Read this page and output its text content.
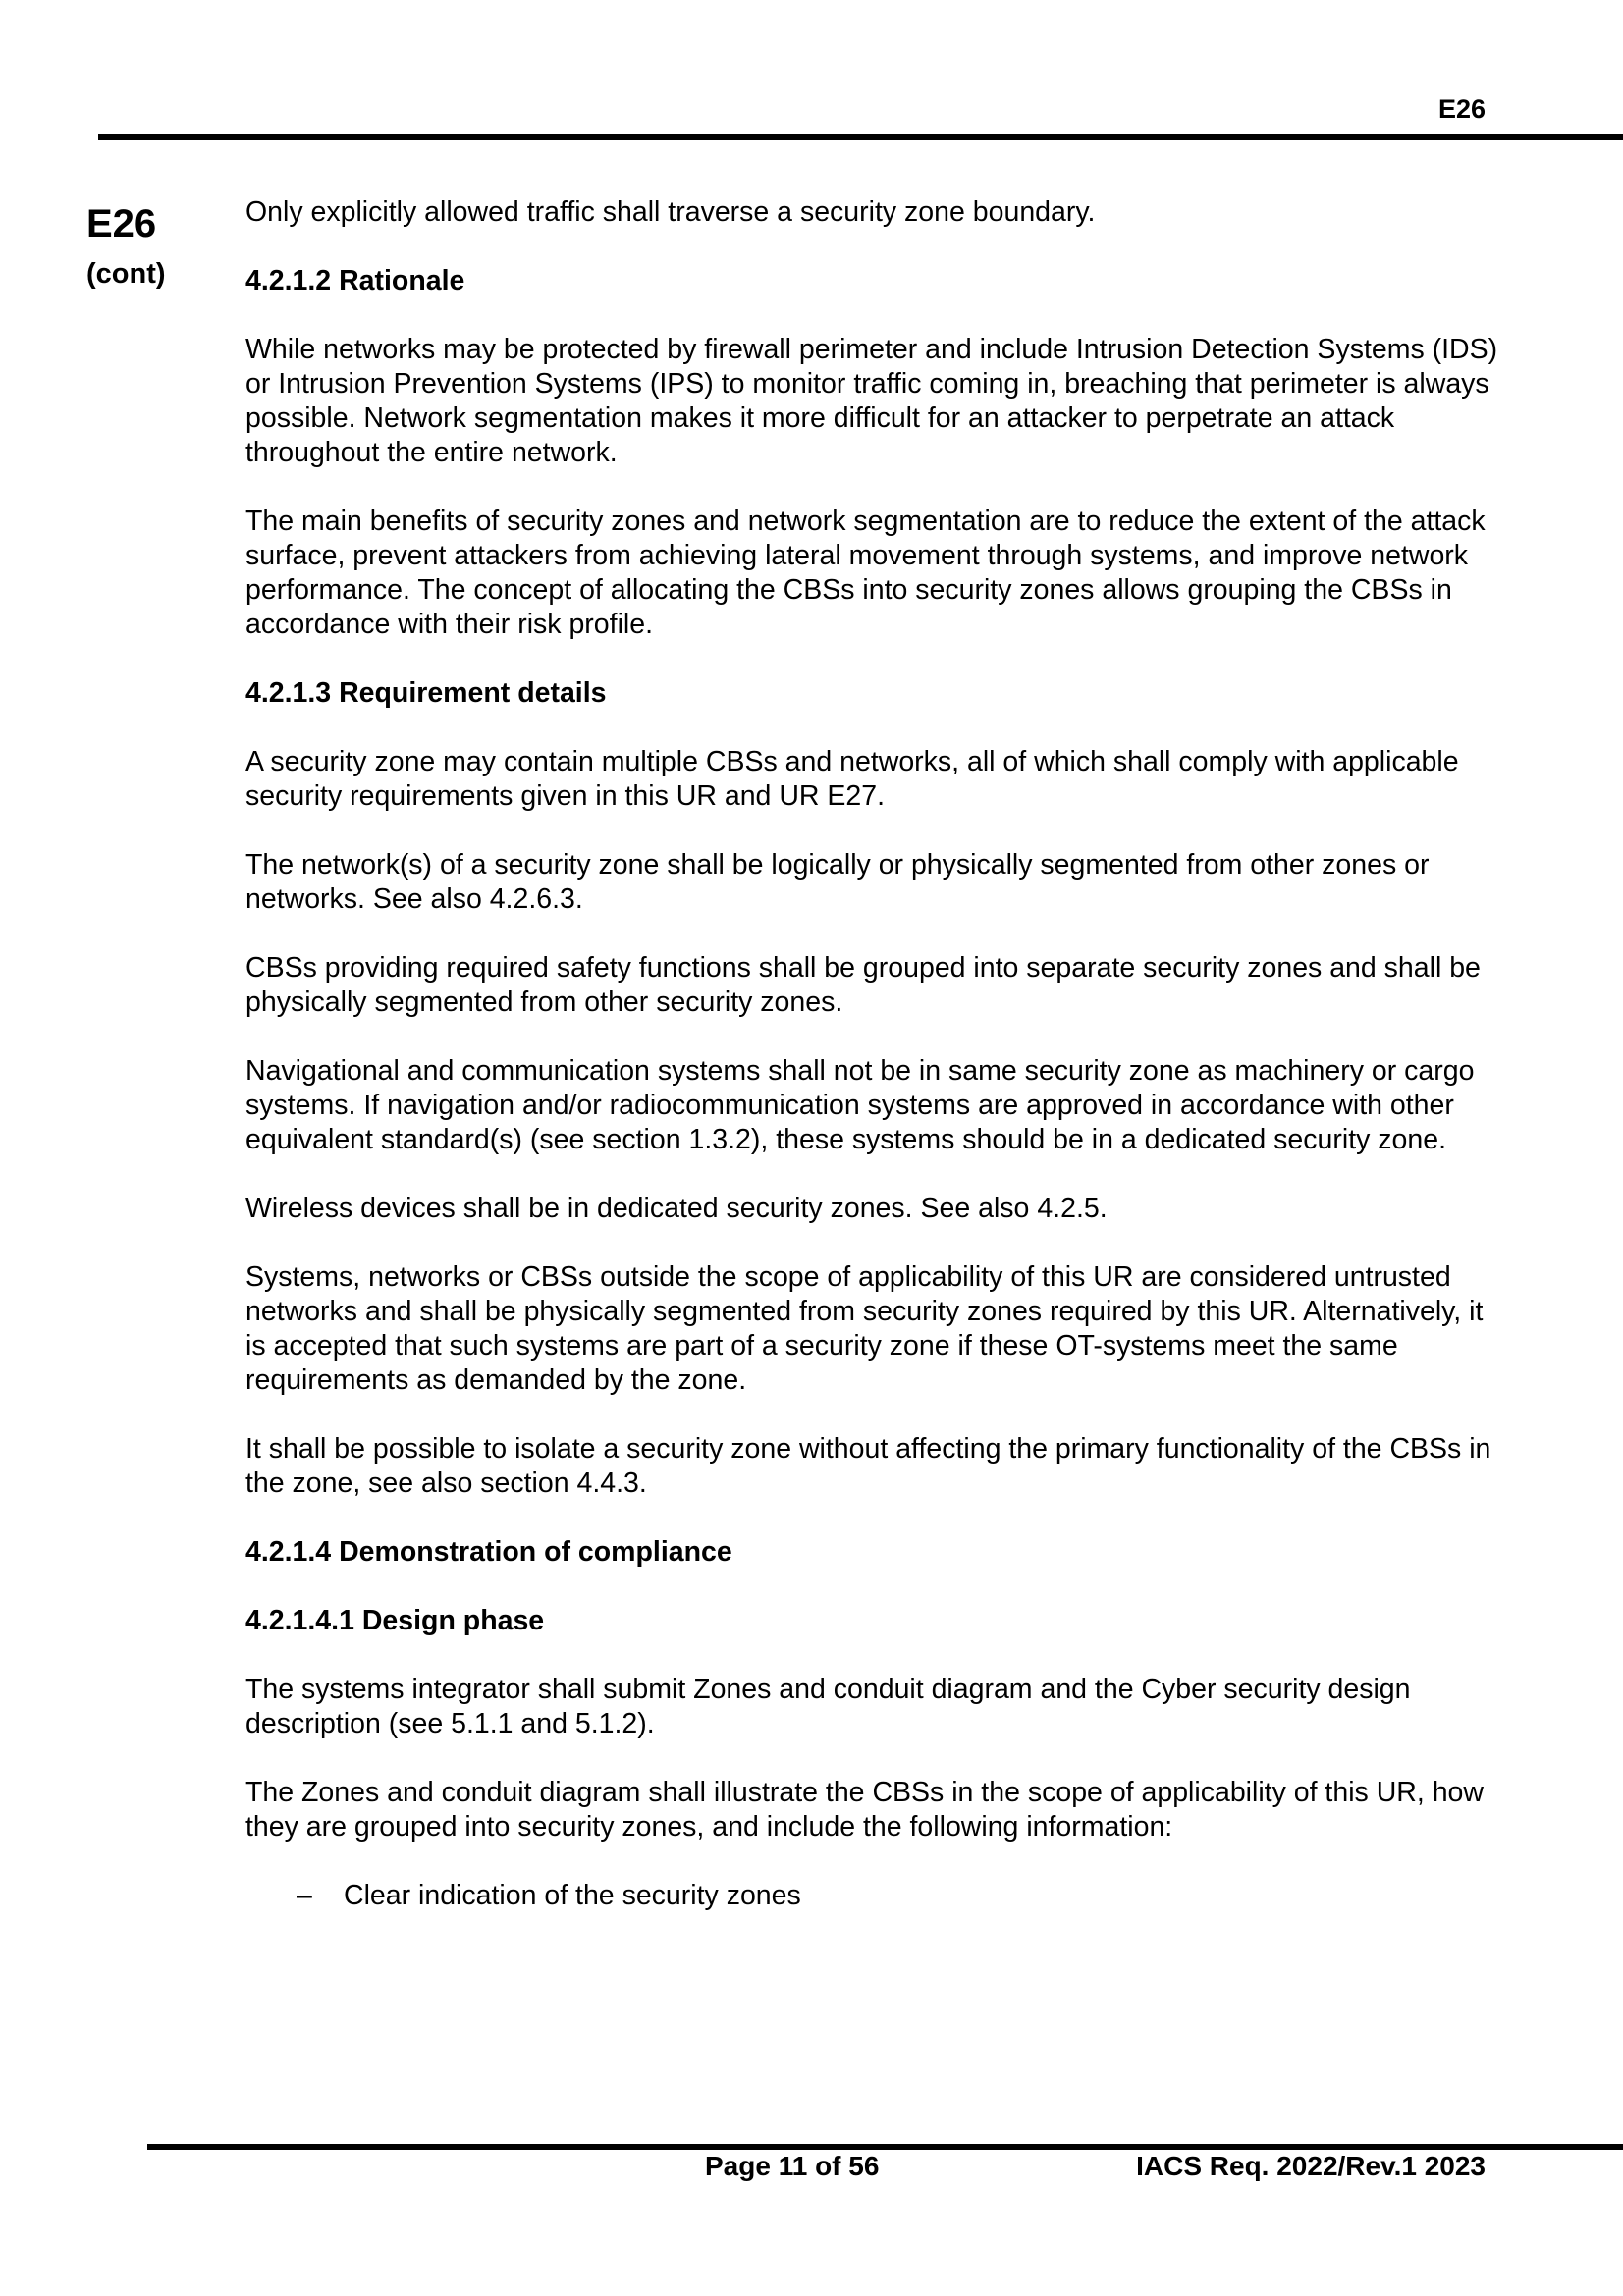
E26
E26
(cont)

Only explicitly allowed traffic shall traverse a security zone boundary.

4.2.1.2 Rationale

While networks may be protected by firewall perimeter and include Intrusion Detection Systems (IDS) or Intrusion Prevention Systems (IPS) to monitor traffic coming in, breaching that perimeter is always possible. Network segmentation makes it more difficult for an attacker to perpetrate an attack throughout the entire network.

The main benefits of security zones and network segmentation are to reduce the extent of the attack surface, prevent attackers from achieving lateral movement through systems, and improve network performance. The concept of allocating the CBSs into security zones allows grouping the CBSs in accordance with their risk profile.

4.2.1.3 Requirement details

A security zone may contain multiple CBSs and networks, all of which shall comply with applicable security requirements given in this UR and UR E27.

The network(s) of a security zone shall be logically or physically segmented from other zones or networks. See also 4.2.6.3.

CBSs providing required safety functions shall be grouped into separate security zones and shall be physically segmented from other security zones.

Navigational and communication systems shall not be in same security zone as machinery or cargo systems. If navigation and/or radiocommunication systems are approved in accordance with other equivalent standard(s) (see section 1.3.2), these systems should be in a dedicated security zone.

Wireless devices shall be in dedicated security zones. See also 4.2.5.

Systems, networks or CBSs outside the scope of applicability of this UR are considered untrusted networks and shall be physically segmented from security zones required by this UR. Alternatively, it is accepted that such systems are part of a security zone if these OT-systems meet the same requirements as demanded by the zone.

It shall be possible to isolate a security zone without affecting the primary functionality of the CBSs in the zone, see also section 4.4.3.

4.2.1.4 Demonstration of compliance
4.2.1.4.1 Design phase

The systems integrator shall submit Zones and conduit diagram and the Cyber security design description (see 5.1.1 and 5.1.2).

The Zones and conduit diagram shall illustrate the CBSs in the scope of applicability of this UR, how they are grouped into security zones, and include the following information:

– Clear indication of the security zones
Page 11 of 56	IACS Req. 2022/Rev.1 2023
